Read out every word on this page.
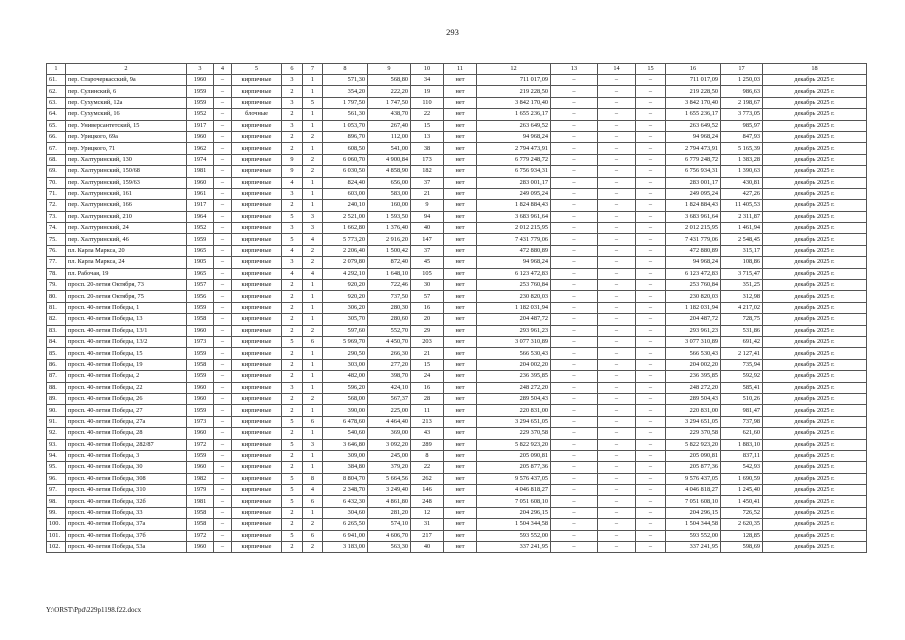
293
1	2	3	4	5	6	7	8	9	10	11	12	13	14	15	16	17	18
61.	пер. Старочеркасский, 9а	1960	–	кирпичные	3	1	571,30	568,80	34	нет	711 017,09	–	–	–	711 017,09	1 250,03	декабрь 2025 г.
62.	пер. Сулинский, 6	1959	–	кирпичные	2	1	354,20	222,20	19	нет	219 228,50	–	–	–	219 228,50	986,63	декабрь 2025 г.
63.	пер. Сухумский, 12а	1959	–	кирпичные	3	5	1 797,50	1 747,50	110	нет	3 842 170,40	–	–	–	3 842 170,40	2 198,67	декабрь 2025 г.
64.	пер. Сухумский, 16	1952	–	блочные	2	1	561,30	438,70	22	нет	1 655 236,17	–	–	–	1 655 236,17	3 773,05	декабрь 2025 г.
65.	пер. Универсантетский, 15	1917	–	кирпичные	3	1	1 053,70	267,40	15	нет	263 649,52	–	–	–	263 649,52	985,97	декабрь 2025 г.
66.	пер. Урицкого, 69а	1960	–	кирпичные	2	2	896,70	112,00	13	нет	94 968,24	–	–	–	94 968,24	847,93	декабрь 2025 г.
67.	пер. Урицкого, 71	1962	–	кирпичные	2	1	608,50	541,00	38	нет	2 794 473,91	–	–	–	2 794 473,91	5 165,39	декабрь 2025 г.
68.	пер. Халтуринский, 130	1974	–	кирпичные	9	2	6 060,70	4 900,84	173	нет	6 779 248,72	–	–	–	6 779 248,72	1 383,28	декабрь 2025 г.
69.	пер. Халтуринский, 150/68	1981	–	кирпичные	9	2	6 030,50	4 858,90	182	нет	6 756 934,31	–	–	–	6 756 934,31	1 390,63	декабрь 2025 г.
70.	пер. Халтуринский, 159/63	1960	–	кирпичные	4	1	824,40	656,00	37	нет	283 001,17	–	–	–	283 001,17	430,81	декабрь 2025 г.
71.	пер. Халтуринский, 161	1961	–	кирпичные	3	1	603,00	583,00	21	нет	249 095,24	–	–	–	249 095,24	427,26	декабрь 2025 г.
72.	пер. Халтуринский, 166	1917	–	кирпичные	2	1	240,10	160,00	9	нет	1 824 884,43	–	–	–	1 824 884,43	11 405,53	декабрь 2025 г.
73.	пер. Халтуринский, 210	1964	–	кирпичные	5	3	2 521,00	1 593,50	94	нет	3 683 961,64	–	–	–	3 683 961,64	2 311,87	декабрь 2025 г.
74.	пер. Халтуринский, 24	1952	–	кирпичные	3	3	1 662,80	1 376,40	40	нет	2 012 215,95	–	–	–	2 012 215,95	1 461,94	декабрь 2025 г.
75.	пер. Халтуринский, 46	1959	–	кирпичные	5	4	5 773,20	2 916,20	147	нет	7 431 779,06	–	–	–	7 431 779,06	2 548,45	декабрь 2025 г.
76.	пл. Карла Маркса, 20	1965	–	кирпичные	4	2	2 206,40	1 500,42	37	нет	472 880,89	–	–	–	472 880,89	315,17	декабрь 2025 г.
77.	пл. Карла Маркса, 24	1905	–	кирпичные	3	2	2 079,80	872,40	45	нет	94 968,24	–	–	–	94 968,24	108,86	декабрь 2025 г.
78.	пл. Рабочая, 19	1965	–	кирпичные	4	4	4 292,10	1 648,10	105	нет	6 123 472,83	–	–	–	6 123 472,83	3 715,47	декабрь 2025 г.
79.	просп. 20-летия Октября, 73	1957	–	кирпичные	2	1	920,20	722,46	30	нет	253 760,84	–	–	–	253 760,84	351,25	декабрь 2025 г.
80.	просп. 20-летия Октября, 75	1956	–	кирпичные	2	1	920,20	737,50	57	нет	230 820,03	–	–	–	230 820,03	312,98	декабрь 2025 г.
81.	просп. 40-летия Победы, 1	1959	–	кирпичные	2	1	306,20	280,30	16	нет	1 182 031,94	–	–	–	1 182 031,94	4 217,02	декабрь 2025 г.
82.	просп. 40-летия Победы, 13	1958	–	кирпичные	2	1	305,70	280,60	20	нет	204 487,72	–	–	–	204 487,72	728,75	декабрь 2025 г.
83.	просп. 40-летия Победы, 13/1	1960	–	кирпичные	2	2	597,60	552,70	29	нет	293 961,23	–	–	–	293 961,23	531,86	декабрь 2025 г.
84.	просп. 40-летия Победы, 13/2	1973	–	кирпичные	5	6	5 969,70	4 450,70	203	нет	3 077 310,89	–	–	–	3 077 310,89	691,42	декабрь 2025 г.
85.	просп. 40-летия Победы, 15	1959	–	кирпичные	2	1	290,50	266,30	21	нет	566 530,43	–	–	–	566 530,43	2 127,41	декабрь 2025 г.
86.	просп. 40-летия Победы, 19	1958	–	кирпичные	2	1	303,00	277,20	15	нет	204 002,20	–	–	–	204 002,20	735,94	декабрь 2025 г.
87.	просп. 40-летия Победы, 2	1959	–	кирпичные	2	1	482,00	398,70	24	нет	236 395,85	–	–	–	236 395,85	592,92	декабрь 2025 г.
88.	просп. 40-летия Победы, 22	1960	–	кирпичные	3	1	596,20	424,10	16	нет	248 272,20	–	–	–	248 272,20	585,41	декабрь 2025 г.
89.	просп. 40-летия Победы, 26	1960	–	кирпичные	2	2	568,00	567,37	28	нет	289 504,43	–	–	–	289 504,43	510,26	декабрь 2025 г.
90.	просп. 40-летия Победы, 27	1959	–	кирпичные	2	1	390,00	225,00	11	нет	220 831,00	–	–	–	220 831,00	981,47	декабрь 2025 г.
91.	просп. 40-летия Победы, 27а	1973	–	кирпичные	5	6	6 478,60	4 464,40	213	нет	3 294 651,05	–	–	–	3 294 651,05	737,98	декабрь 2025 г.
92.	просп. 40-летия Победы, 28	1960	–	кирпичные	2	1	540,60	369,00	43	нет	229 370,58	–	–	–	229 370,58	621,60	декабрь 2025 г.
93.	просп. 40-летия Победы, 282/87	1972	–	кирпичные	5	3	3 646,80	3 092,20	289	нет	5 822 923,20	–	–	–	5 822 923,20	1 883,10	декабрь 2025 г.
94.	просп. 40-летия Победы, 3	1959	–	кирпичные	2	1	309,00	245,00	8	нет	205 090,81	–	–	–	205 090,81	837,11	декабрь 2025 г.
95.	просп. 40-летия Победы, 30	1960	–	кирпичные	2	1	384,80	379,20	22	нет	205 877,36	–	–	–	205 877,36	542,93	декабрь 2025 г.
96.	просп. 40-летия Победы, 308	1982	–	кирпичные	5	8	8 804,70	5 664,56	262	нет	9 576 437,05	–	–	–	9 576 437,05	1 690,59	декабрь 2025 г.
97.	просп. 40-летия Победы, 310	1979	–	кирпичные	5	4	2 348,70	3 249,40	146	нет	4 046 818,27	–	–	–	4 046 818,27	1 245,40	декабрь 2025 г.
98.	просп. 40-летия Победы, 32б	1981	–	кирпичные	5	6	6 432,30	4 861,80	248	нет	7 051 608,10	–	–	–	7 051 608,10	1 450,41	декабрь 2025 г.
99.	просп. 40-летия Победы, 33	1958	–	кирпичные	2	1	304,60	281,20	12	нет	204 296,15	–	–	–	204 296,15	726,52	декабрь 2025 г.
100.	просп. 40-летия Победы, 37а	1958	–	кирпичные	2	2	6 265,50	574,10	31	нет	1 504 344,58	–	–	–	1 504 344,58	2 620,35	декабрь 2025 г.
101.	просп. 40-летия Победы, 37б	1972	–	кирпичные	5	6	6 941,00	4 606,70	217	нет	593 552,00	–	–	–	593 552,00	128,85	декабрь 2025 г.
102.	просп. 40-летия Победы, 53а	1960	–	кирпичные	2	2	3 183,00	563,30	40	нет	337 241,95	–	–	–	337 241,95	598,69	декабрь 2025 г.
Y:\ORST\Ppd\229p1198.f22.docx
